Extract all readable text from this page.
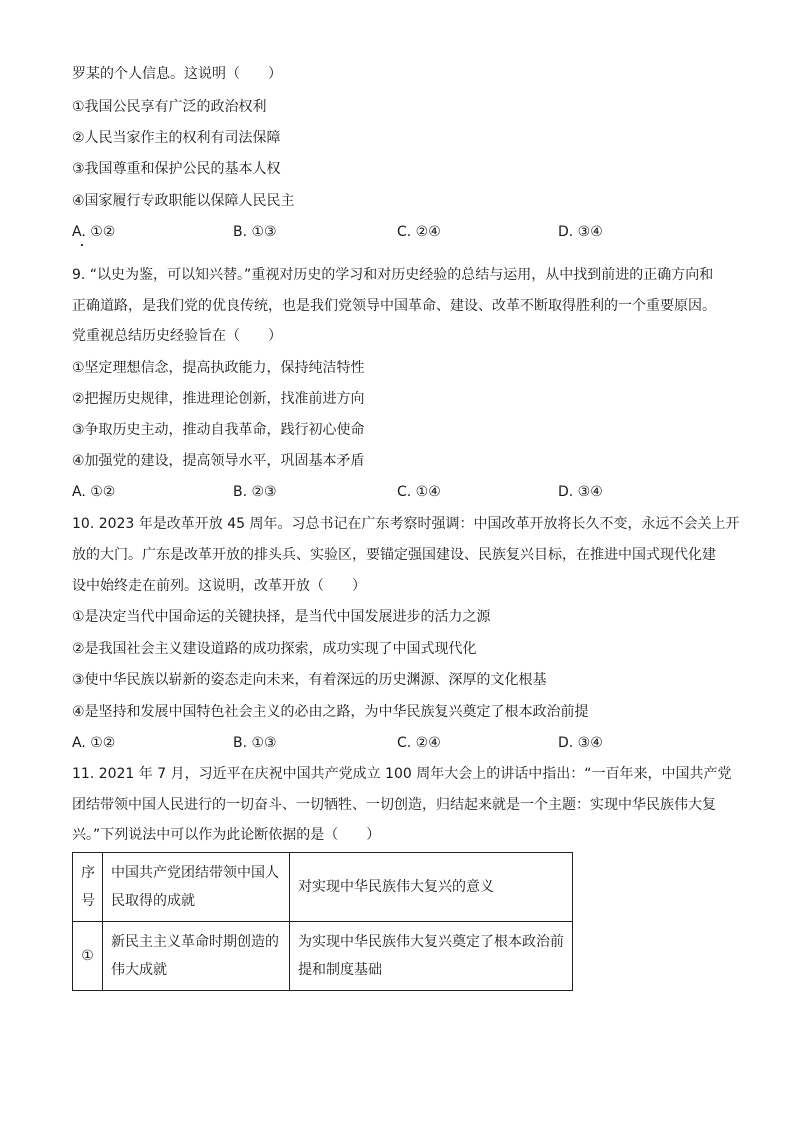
罗某的个人信息。这说明（　　）
①我国公民享有广泛的政治权利
②人民当家作主的权利有司法保障
③我国尊重和保护公民的基本人权
④国家履行专政职能以保障人民民主
A. ①②	B. ①③	C. ②④	D. ③④
9. “以史为鉴，可以知兴替。”重视对历史的学习和对历史经验的总结与运用，从中找到前进的正确方向和
正确道路，是我们党的优良传统，也是我们党领导中国革命、建设、改革不断取得胜利的一个重要原因。
党重视总结历史经验旨在（　　）
①坚定理想信念，提高执政能力，保持纯洁特性
②把握历史规律，推进理论创新，找准前进方向
③争取历史主动，推动自我革命，践行初心使命
④加强党的建设，提高领导水平，巩固基本矛盾
A. ①②	B. ②③	C. ①④	D. ③④
10. 2023 年是改革开放 45 周年。习总书记在广东考察时强调：中国改革开放将长久不变，永远不会关上开
放的大门。广东是改革开放的排头兵、实验区，要锚定强国建设、民族复兴目标，在推进中国式现代化建
设中始终走在前列。这说明，改革开放（　　）
①是决定当代中国命运的关键抉择，是当代中国发展进步的活力之源
②是我国社会主义建设道路的成功探索，成功实现了中国式现代化
③使中华民族以崭新的姿态走向未来，有着深远的历史渊源、深厚的文化根基
④是坚持和发展中国特色社会主义的必由之路，为中华民族复兴奠定了根本政治前提
A. ①②	B. ①③	C. ②④	D. ③④
11. 2021 年 7 月，习近平在庆祝中国共产党成立 100 周年大会上的讲话中指出：“一百年来，中国共产党
团结带领中国人民进行的一切奋斗、一切牺牲、一切创造，归结起来就是一个主题：实现中华民族伟大复
兴。”下列说法中可以作为此论断依据的是（　　）
序号	中国共产党团结带领中国人民取得的成就	对实现中华民族伟大复兴的意义
①	新民主主义革命时期创造的伟大成就	为实现中华民族伟大复兴奠定了根本政治前提和制度基础
